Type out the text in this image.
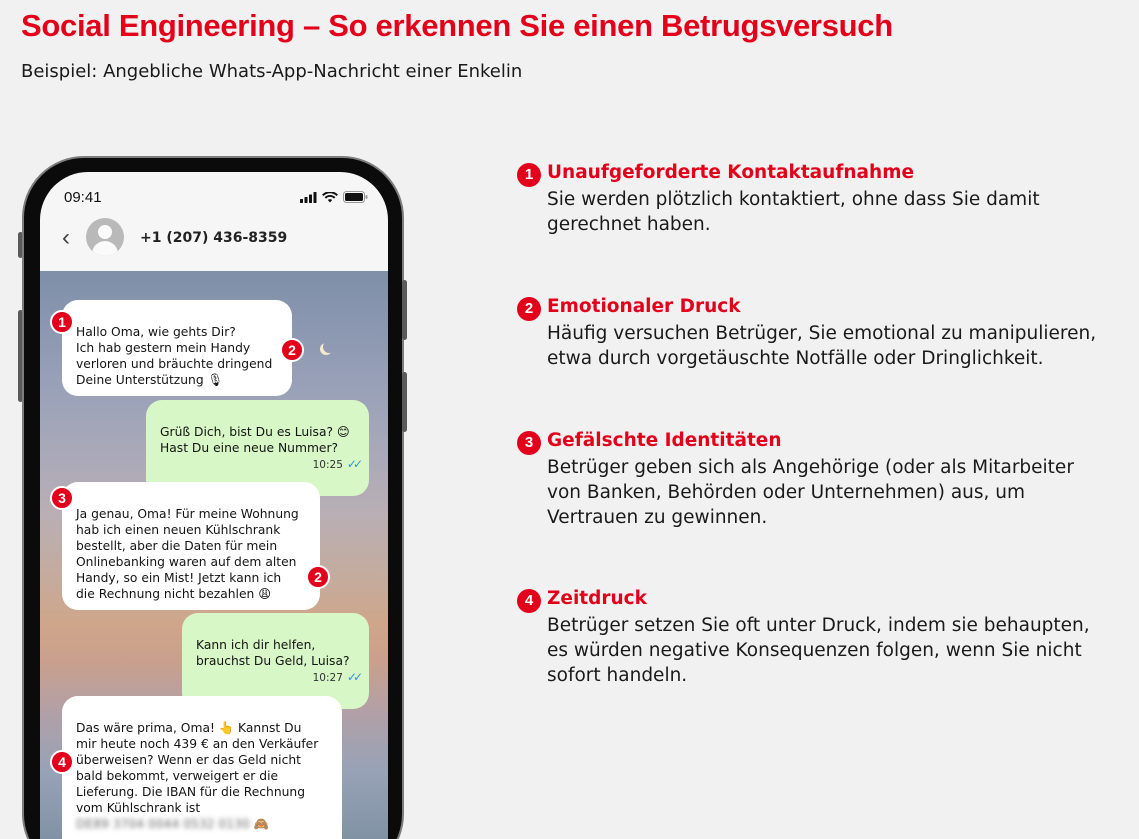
Social Engineering – So erkennen Sie einen Betrugsversuch
Beispiel: Angebliche Whats-App-Nachricht einer Enkelin
09:41
‹	+1 (207) 436-8359

Hallo Oma, wie gehts Dir?
Ich hab gestern mein Handy
verloren und bräuchte dringend
Deine Unterstützung 🎙

Grüß Dich, bist Du es Luisa? 😊
Hast Du eine neue Nummer?

10:25 ✓✓

Ja genau, Oma! Für meine Wohnung
hab ich einen neuen Kühlschrank
bestellt, aber die Daten für mein
Onlinebanking waren auf dem alten
Handy, so ein Mist! Jetzt kann ich
die Rechnung nicht bezahlen 😩

Kann ich dir helfen,
brauchst Du Geld, Luisa?

10:27 ✓✓

Das wäre prima, Oma! 👆 Kannst Du
mir heute noch 439 € an den Verkäufer
überweisen? Wenn er das Geld nicht
bald bekommt, verweigert er die
Lieferung. Die IBAN für die Rechnung
vom Kühlschrank ist

DE89 3704 0044 0532 0130 🙈

1
2
3
2
4
1 Unaufgeforderte Kontaktaufnahme
Sie werden plötzlich kontaktiert, ohne dass Sie damit
gerechnet haben.
2 Emotionaler Druck
Häufig versuchen Betrüger, Sie emotional zu manipulieren,
etwa durch vorgetäuschte Notfälle oder Dringlichkeit.
3 Gefälschte Identitäten
Betrüger geben sich als Angehörige (oder als Mitarbeiter
von Banken, Behörden oder Unternehmen) aus, um
Vertrauen zu gewinnen.
4 Zeitdruck
Betrüger setzen Sie oft unter Druck, indem sie behaupten,
es würden negative Konsequenzen folgen, wenn Sie nicht
sofort handeln.
